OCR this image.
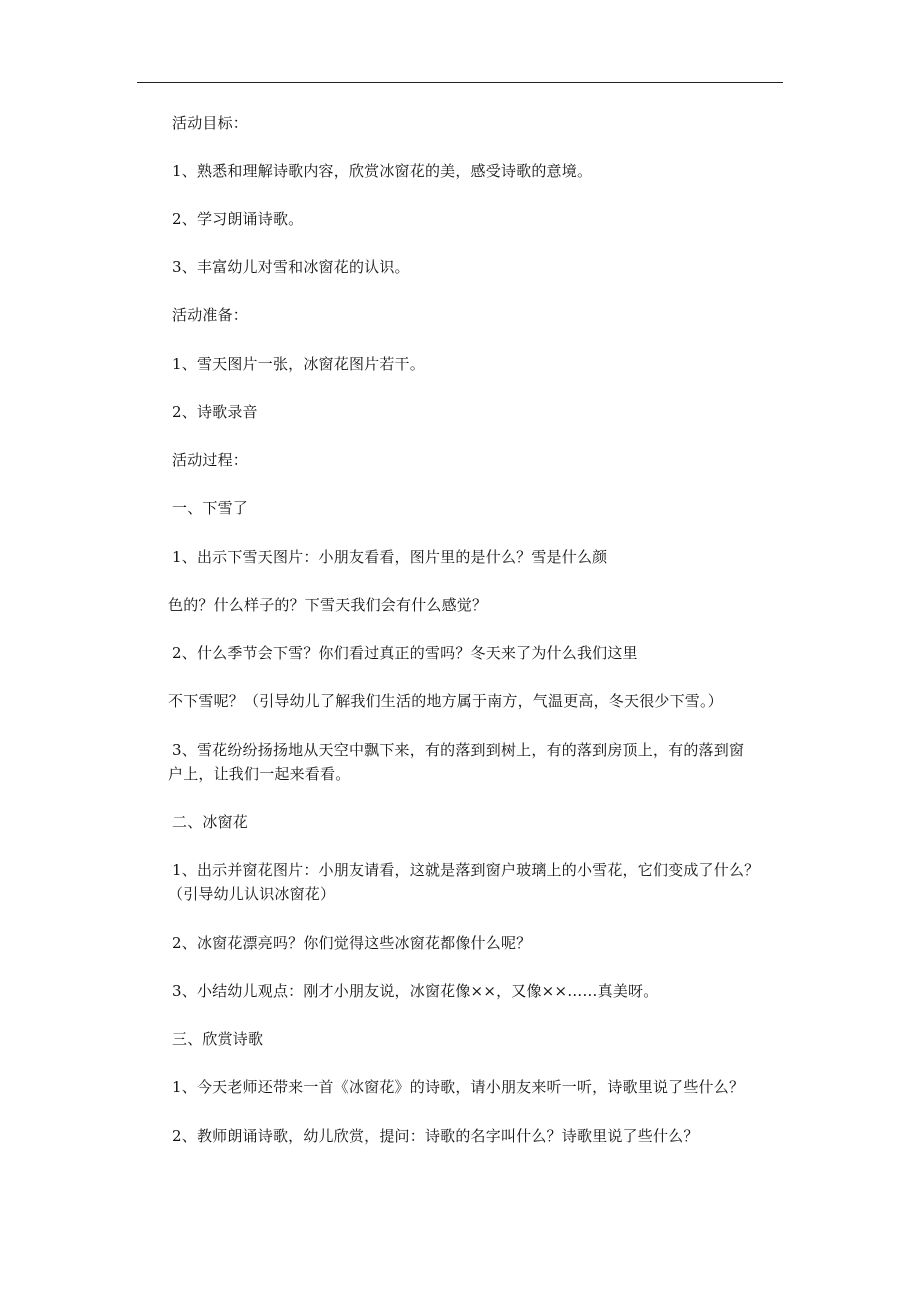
活动目标：
1、熟悉和理解诗歌内容，欣赏冰窗花的美，感受诗歌的意境。
2、学习朗诵诗歌。
3、丰富幼儿对雪和冰窗花的认识。
活动准备：
1、雪天图片一张，冰窗花图片若干。
2、诗歌录音
活动过程：
一、下雪了
1、出示下雪天图片：小朋友看看，图片里的是什么？雪是什么颜
色的？什么样子的？下雪天我们会有什么感觉？
2、什么季节会下雪？你们看过真正的雪吗？冬天来了为什么我们这里
不下雪呢？（引导幼儿了解我们生活的地方属于南方，气温更高，冬天很少下雪。）
3、雪花纷纷扬扬地从天空中飘下来，有的落到到树上，有的落到房顶上，有的落到窗
户上，让我们一起来看看。
二、冰窗花
1、出示并窗花图片：小朋友请看，这就是落到窗户玻璃上的小雪花，它们变成了什么？
（引导幼儿认识冰窗花）
2、冰窗花漂亮吗？你们觉得这些冰窗花都像什么呢？
3、小结幼儿观点：刚才小朋友说，冰窗花像××，又像××……真美呀。
三、欣赏诗歌
1、今天老师还带来一首《冰窗花》的诗歌，请小朋友来听一听，诗歌里说了些什么？
2、教师朗诵诗歌，幼儿欣赏，提问：诗歌的名字叫什么？诗歌里说了些什么？
